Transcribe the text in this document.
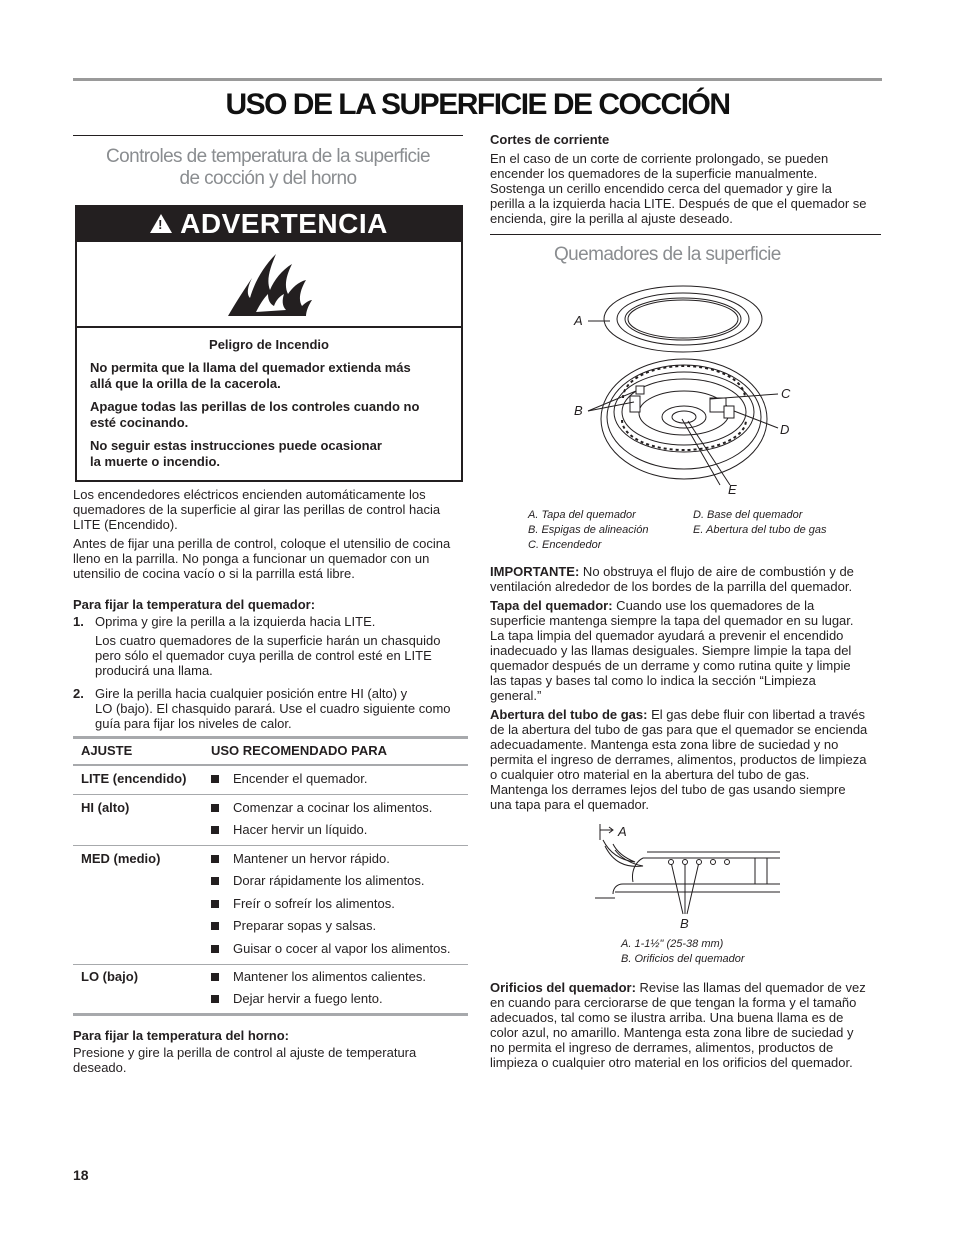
USO DE LA SUPERFICIE DE COCCIÓN
Controles de temperatura de la superficie
de cocción y del horno
! ADVERTENCIA
Peligro de Incendio
No permita que la llama del quemador extienda más
allá que la orilla de la cacerola.
Apague todas las perillas de los controles cuando no
esté cocinando.
No seguir estas instrucciones puede ocasionar
la muerte o incendio.
Los encendedores eléctricos encienden automáticamente los
quemadores de la superficie al girar las perillas de control hacia
LITE (Encendido).
Antes de fijar una perilla de control, coloque el utensilio de cocina
lleno en la parrilla. No ponga a funcionar un quemador con un
utensilio de cocina vacío o si la parrilla está libre.
Para fijar la temperatura del quemador:
1. Oprima y gire la perilla a la izquierda hacia LITE.
Los cuatro quemadores de la superficie harán un chasquido
pero sólo el quemador cuya perilla de control esté en LITE
producirá una llama.
2. Gire la perilla hacia cualquier posición entre HI (alto) y
LO (bajo). El chasquido parará. Use el cuadro siguiente como
guía para fijar los niveles de calor.
AJUSTE	USO RECOMENDADO PARA
LITE (encendido)	Encender el quemador.
HI (alto)	Comenzar a cocinar los alimentos.
Hacer hervir un líquido.
MED (medio)	Mantener un hervor rápido.
Dorar rápidamente los alimentos.
Freír o sofreír los alimentos.
Preparar sopas y salsas.
Guisar o cocer al vapor los alimentos.
LO (bajo)	Mantener los alimentos calientes.
Dejar hervir a fuego lento.
Para fijar la temperatura del horno:
Presione y gire la perilla de control al ajuste de temperatura
deseado.
18
Cortes de corriente
En el caso de un corte de corriente prolongado, se pueden
encender los quemadores de la superficie manualmente.
Sostenga un cerillo encendido cerca del quemador y gire la
perilla a la izquierda hacia LITE. Después de que el quemador se
encienda, gire la perilla al ajuste deseado.
Quemadores de la superficie
A
B
C
D
E
A. Tapa del quemador
B. Espigas de alineación
C. Encendedor
D. Base del quemador
E. Abertura del tubo de gas
IMPORTANTE: No obstruya el flujo de aire de combustión y de
ventilación alrededor de los bordes de la parrilla del quemador.
Tapa del quemador: Cuando use los quemadores de la
superficie mantenga siempre la tapa del quemador en su lugar.
La tapa limpia del quemador ayudará a prevenir el encendido
inadecuado y las llamas desiguales. Siempre limpie la tapa del
quemador después de un derrame y como rutina quite y limpie
las tapas y bases tal como lo indica la sección “Limpieza
general.”
Abertura del tubo de gas: El gas debe fluir con libertad a través
de la abertura del tubo de gas para que el quemador se encienda
adecuadamente. Mantenga esta zona libre de suciedad y no
permita el ingreso de derrames, alimentos, productos de limpieza
o cualquier otro material en la abertura del tubo de gas.
Mantenga los derrames lejos del tubo de gas usando siempre
una tapa para el quemador.
A
B
A. 1-1½" (25-38 mm)
B. Orificios del quemador
Orificios del quemador: Revise las llamas del quemador de vez
en cuando para cerciorarse de que tengan la forma y el tamaño
adecuados, tal como se ilustra arriba. Una buena llama es de
color azul, no amarillo. Mantenga esta zona libre de suciedad y
no permita el ingreso de derrames, alimentos, productos de
limpieza o cualquier otro material en los orificios del quemador.
